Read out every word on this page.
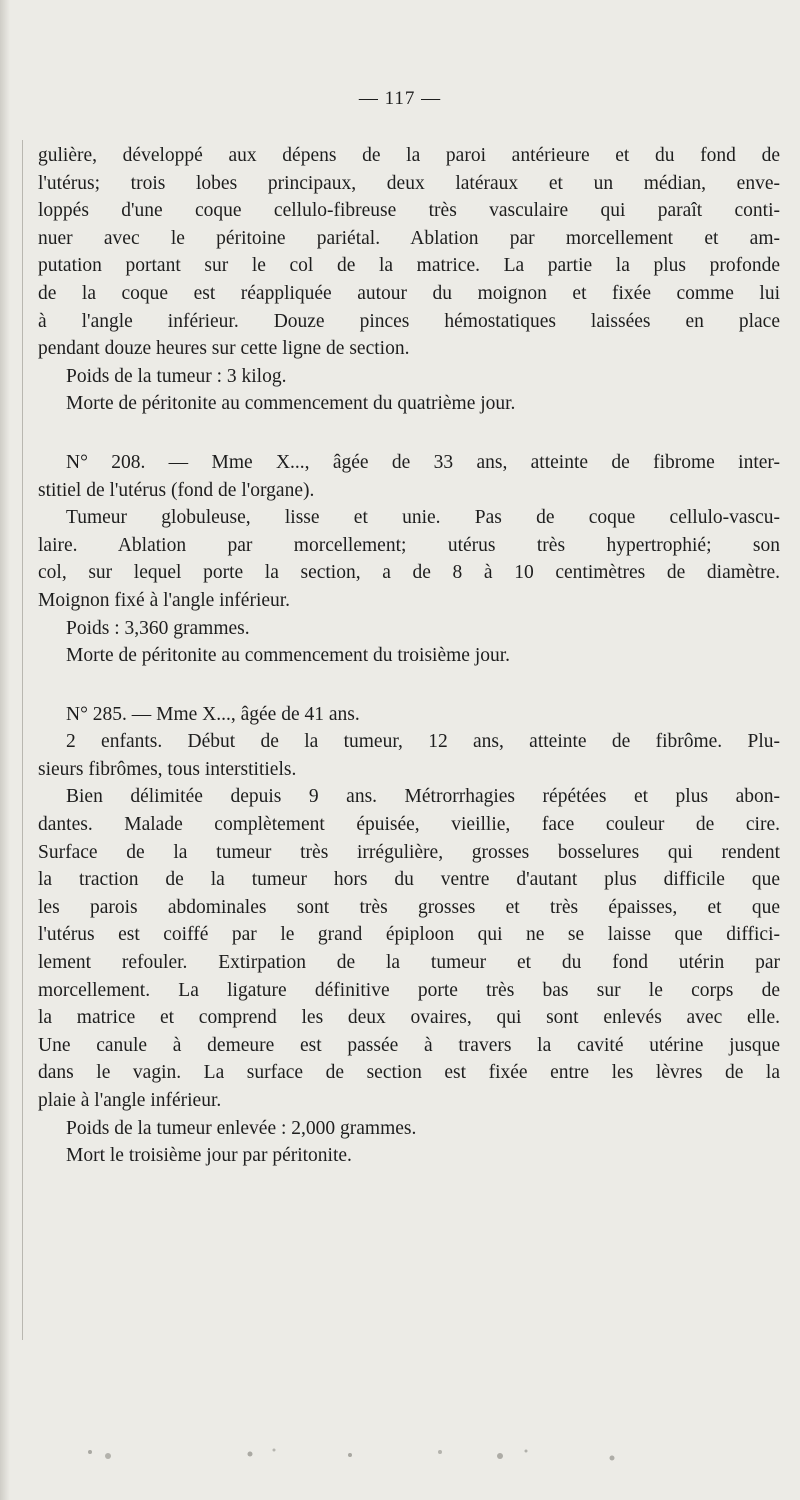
— 117 —
gulière, développé aux dépens de la paroi antérieure et du fond de
l'utérus; trois lobes principaux, deux latéraux et un médian, enve-
loppés d'une coque cellulo-fibreuse très vasculaire qui paraît conti-
nuer avec le péritoine pariétal. Ablation par morcellement et am-
putation portant sur le col de la matrice. La partie la plus profonde
de la coque est réappliquée autour du moignon et fixée comme lui
à l'angle inférieur. Douze pinces hémostatiques laissées en place
pendant douze heures sur cette ligne de section.
Poids de la tumeur : 3 kilog.
Morte de péritonite au commencement du quatrième jour.
N° 208. — Mme X..., âgée de 33 ans, atteinte de fibrome inter-
stitiel de l'utérus (fond de l'organe).
Tumeur globuleuse, lisse et unie. Pas de coque cellulo-vascu-
laire. Ablation par morcellement; utérus très hypertrophié; son
col, sur lequel porte la section, a de 8 à 10 centimètres de diamètre.
Moignon fixé à l'angle inférieur.
Poids : 3,360 grammes.
Morte de péritonite au commencement du troisième jour.
N° 285. — Mme X..., âgée de 41 ans.
2 enfants. Début de la tumeur, 12 ans, atteinte de fibrôme. Plu-
sieurs fibrômes, tous interstitiels.
Bien délimitée depuis 9 ans. Métrorrhagies répétées et plus abon-
dantes. Malade complètement épuisée, vieillie, face couleur de cire.
Surface de la tumeur très irrégulière, grosses bosselures qui rendent
la traction de la tumeur hors du ventre d'autant plus difficile que
les parois abdominales sont très grosses et très épaisses, et que
l'utérus est coiffé par le grand épiploon qui ne se laisse que diffici-
lement refouler. Extirpation de la tumeur et du fond utérin par
morcellement. La ligature définitive porte très bas sur le corps de
la matrice et comprend les deux ovaires, qui sont enlevés avec elle.
Une canule à demeure est passée à travers la cavité utérine jusque
dans le vagin. La surface de section est fixée entre les lèvres de la
plaie à l'angle inférieur.
Poids de la tumeur enlevée : 2,000 grammes.
Mort le troisième jour par péritonite.
